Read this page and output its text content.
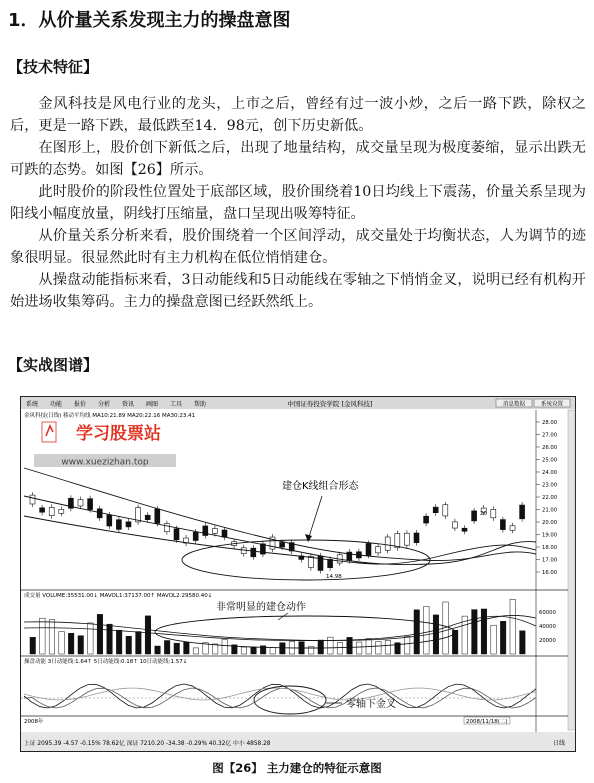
1．从价量关系发现主力的操盘意图
【技术特征】

金风科技是风电行业的龙头，上市之后，曾经有过一波小炒，之后一路下跌，除权之后，更是一路下跌，最低跌至14．98元，创下历史新低。

在图形上，股价创下新低之后，出现了地量结构，成交量呈现为极度萎缩，显示出跌无可跌的态势。如图【26】所示。

此时股价的阶段性位置处于底部区域，股价围绕着10日均线上下震荡，价量关系呈现为阳线小幅度放量，阴线打压缩量，盘口呈现出吸筹特征。

从价量关系分析来看，股价围绕着一个区间浮动，成交量处于均衡状态，人为调节的迹象很明显。很显然此时有主力机构在低位悄悄建仓。

从操盘动能指标来看，3日动能线和5日动能线在零轴之下悄悄金叉，说明已经有机构开始进场收集筹码。主力的操盘意图已经跃然纸上。

【实战图谱】
系统 功能 报价 分析 资讯 画图 工具 帮助	中国证券投资学院 [金风科技]	消息数据	系统设置
金风科技(日线) 移动平均线 MA10:21.89 MA20:22.16 MA30:23.41
28.00
27.00
26.00
25.00
24.00
23.00
22.00
21.00
20.00
19.00
18.00
17.00
16.00
学习股票站
www.xuezizhan.top
建仓K线组合形态
14.98
20
成交量 VOLUME:35531.00↓ MAVOL1:37137.00↑ MAVOL2:29580.40↓
60000
40000
20000
非常明显的建仓动作
操盘动能 3日动能线:1.64↑ 5日动能线:0.18↑ 10日动能线:1.57↓
零轴下金叉
2008年	2008/11/18(二)
上证 2095.39 -4.57 -0.15% 78.62亿 深证 7210.20 -34.38 -0.29% 40.32亿 中小 4858.28	日线
图【26】 主力建仓的特征示意图
